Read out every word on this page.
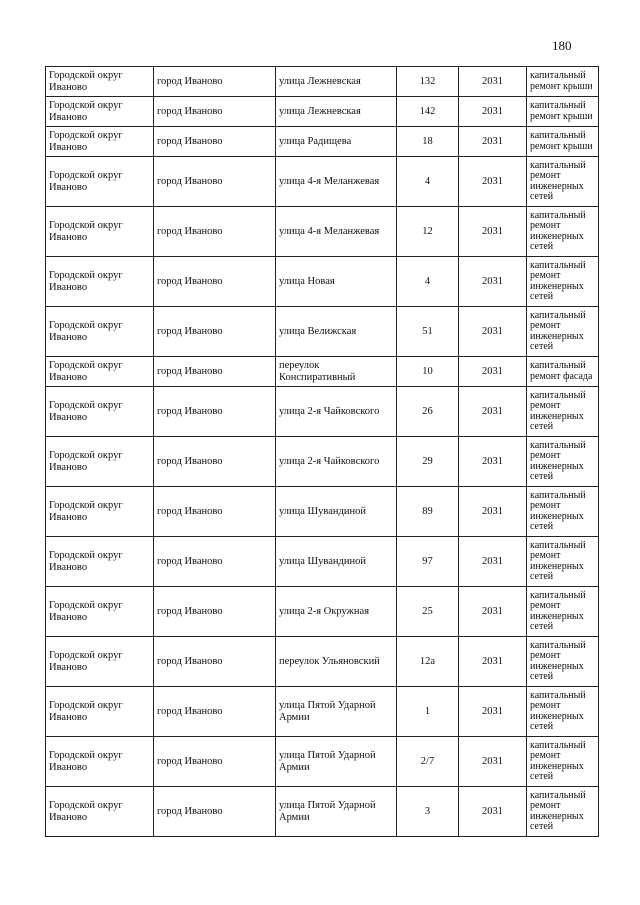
180
Городской округ Иваново	город Иваново	улица Лежневская	132	2031	капитальный ремонт крыши
Городской округ Иваново	город Иваново	улица Лежневская	142	2031	капитальный ремонт крыши
Городской округ Иваново	город Иваново	улица Радищева	18	2031	капитальный ремонт крыши
Городской округ Иваново	город Иваново	улица 4-я Меланжевая	4	2031	капитальный ремонт инженерных сетей
Городской округ Иваново	город Иваново	улица 4-я Меланжевая	12	2031	капитальный ремонт инженерных сетей
Городской округ Иваново	город Иваново	улица Новая	4	2031	капитальный ремонт инженерных сетей
Городской округ Иваново	город Иваново	улица Велижская	51	2031	капитальный ремонт инженерных сетей
Городской округ Иваново	город Иваново	переулок Конспиративный	10	2031	капитальный ремонт фасада
Городской округ Иваново	город Иваново	улица 2-я Чайковского	26	2031	капитальный ремонт инженерных сетей
Городской округ Иваново	город Иваново	улица 2-я Чайковского	29	2031	капитальный ремонт инженерных сетей
Городской округ Иваново	город Иваново	улица Шувандиной	89	2031	капитальный ремонт инженерных сетей
Городской округ Иваново	город Иваново	улица Шувандиной	97	2031	капитальный ремонт инженерных сетей
Городской округ Иваново	город Иваново	улица 2-я Окружная	25	2031	капитальный ремонт инженерных сетей
Городской округ Иваново	город Иваново	переулок Ульяновский	12а	2031	капитальный ремонт инженерных сетей
Городской округ Иваново	город Иваново	улица Пятой Ударной Армии	1	2031	капитальный ремонт инженерных сетей
Городской округ Иваново	город Иваново	улица Пятой Ударной Армии	2/7	2031	капитальный ремонт инженерных сетей
Городской округ Иваново	город Иваново	улица Пятой Ударной Армии	3	2031	капитальный ремонт инженерных сетей
